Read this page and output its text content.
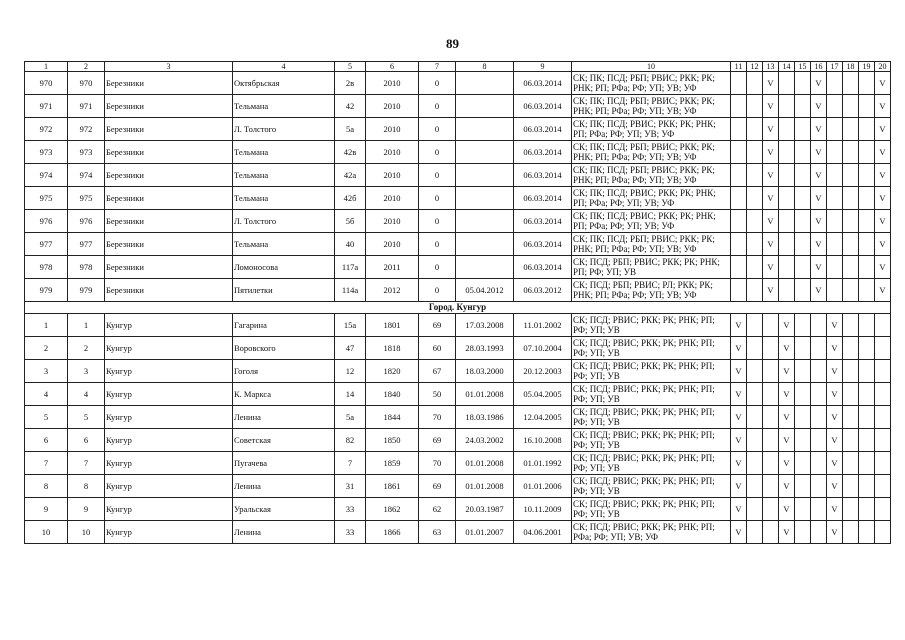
89
1	2	3	4	5	6	7	8	9	10	11	12	13	14	15	16	17	18	19	20
970	970	Березники	Октябрьская	2в	2010	0		06.03.2014	СК; ПК; ПСД; РБП; РВИС; РКК; РК; РНК; РП; РФа; РФ; УП; УВ; УФ			V			V				V
971	971	Березники	Тельмана	42	2010	0		06.03.2014	СК; ПК; ПСД; РБП; РВИС; РКК; РК; РНК; РП; РФа; РФ; УП; УВ; УФ			V			V				V
972	972	Березники	Л. Толстого	5а	2010	0		06.03.2014	СК; ПК; ПСД; РВИС; РКК; РК; РНК; РП; РФа; РФ; УП; УВ; УФ			V			V				V
973	973	Березники	Тельмана	42в	2010	0		06.03.2014	СК; ПК; ПСД; РБП; РВИС; РКК; РК; РНК; РП; РФа; РФ; УП; УВ; УФ			V			V				V
974	974	Березники	Тельмана	42а	2010	0		06.03.2014	СК; ПК; ПСД; РБП; РВИС; РКК; РК; РНК; РП; РФа; РФ; УП; УВ; УФ			V			V				V
975	975	Березники	Тельмана	42б	2010	0		06.03.2014	СК; ПК; ПСД; РВИС; РКК; РК; РНК; РП; РФа; РФ; УП; УВ; УФ			V			V				V
976	976	Березники	Л. Толстого	5б	2010	0		06.03.2014	СК; ПК; ПСД; РВИС; РКК; РК; РНК; РП; РФа; РФ; УП; УВ; УФ			V			V				V
977	977	Березники	Тельмана	40	2010	0		06.03.2014	СК; ПК; ПСД; РБП; РВИС; РКК; РК; РНК; РП; РФа; РФ; УП; УВ; УФ			V			V				V
978	978	Березники	Ломоносова	117а	2011	0		06.03.2014	СК; ПСД; РБП; РВИС; РКК; РК; РНК; РП; РФ; УП; УВ			V			V				V
979	979	Березники	Пятилетки	114а	2012	0	05.04.2012	06.03.2012	СК; ПСД; РБП; РВИС; РЛ; РКК; РК; РНК; РП; РФа; РФ; УП; УВ; УФ			V			V				V
Город. Кунгур																			
1	1	Кунгур	Гагарина	15а	1801	69	17.03.2008	11.01.2002	СК; ПСД; РВИС; РКК; РК; РНК; РП; РФ; УП; УВ	V			V			V			
2	2	Кунгур	Воровского	47	1818	60	28.03.1993	07.10.2004	СК; ПСД; РВИС; РКК; РК; РНК; РП; РФ; УП; УВ	V			V			V			
3	3	Кунгур	Гоголя	12	1820	67	18.03.2000	20.12.2003	СК; ПСД; РВИС; РКК; РК; РНК; РП; РФ; УП; УВ	V			V			V			
4	4	Кунгур	К. Маркса	14	1840	50	01.01.2008	05.04.2005	СК; ПСД; РВИС; РКК; РК; РНК; РП; РФ; УП; УВ	V			V			V			
5	5	Кунгур	Ленина	5а	1844	70	18.03.1986	12.04.2005	СК; ПСД; РВИС; РКК; РК; РНК; РП; РФ; УП; УВ	V			V			V			
6	6	Кунгур	Советская	82	1850	69	24.03.2002	16.10.2008	СК; ПСД; РВИС; РКК; РК; РНК; РП; РФ; УП; УВ	V			V			V			
7	7	Кунгур	Пугачева	7	1859	70	01.01.2008	01.01.1992	СК; ПСД; РВИС; РКК; РК; РНК; РП; РФ; УП; УВ	V			V			V			
8	8	Кунгур	Ленина	31	1861	69	01.01.2008	01.01.2006	СК; ПСД; РВИС; РКК; РК; РНК; РП; РФ; УП; УВ	V			V			V			
9	9	Кунгур	Уральская	33	1862	62	20.03.1987	10.11.2009	СК; ПСД; РВИС; РКК; РК; РНК; РП; РФ; УП; УВ	V			V			V			
10	10	Кунгур	Ленина	33	1866	63	01.01.2007	04.06.2001	СК; ПСД; РВИС; РКК; РК; РНК; РП; РФа; РФ; УП; УВ; УФ	V			V			V			
